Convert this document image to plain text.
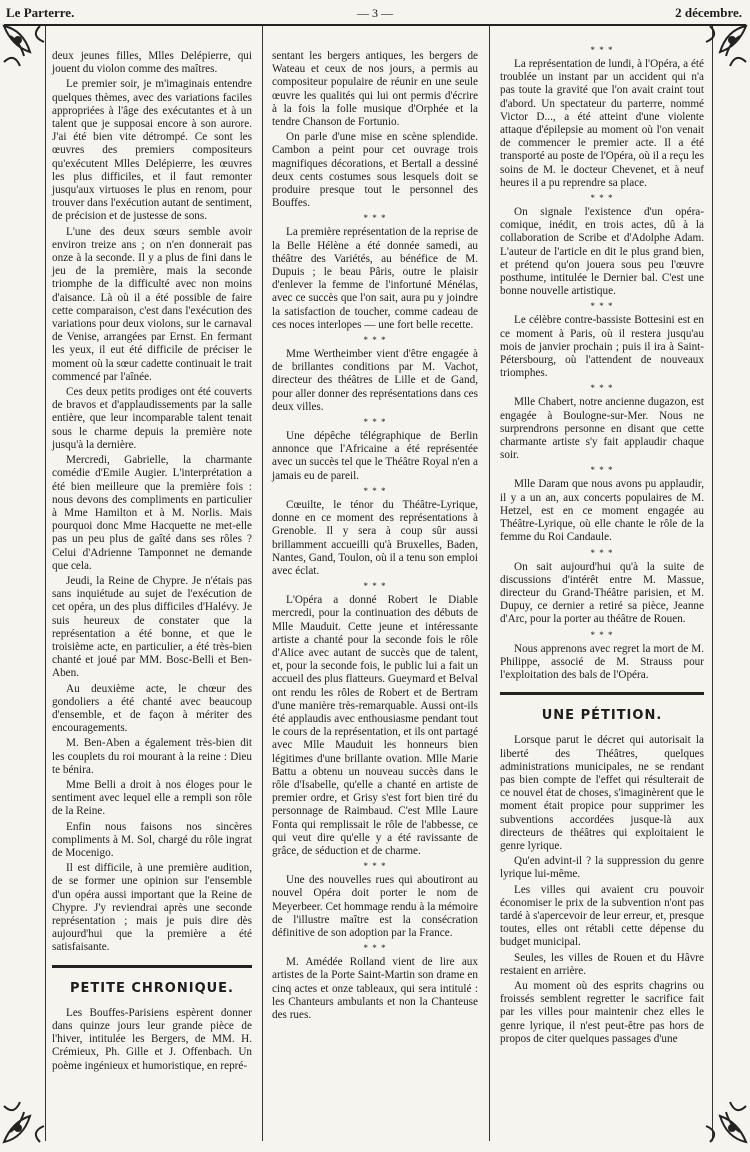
Le Parterre.	— 3 —	2 décembre.

deux jeunes filles, Mlles Delépierre, qui jouent du violon comme des maîtres.

Le premier soir, je m'imaginais entendre quelques thèmes, avec des variations faciles appropriées à l'âge des exécutantes et à un talent que je supposai encore à son aurore. J'ai été bien vite détrompé. Ce sont les œuvres des premiers compositeurs qu'exécutent Mlles Delépierre, les œuvres les plus difficiles, et il faut remonter jusqu'aux virtuoses le plus en renom, pour trouver dans l'exécution autant de sentiment, de précision et de justesse de sons.

L'une des deux sœurs semble avoir environ treize ans ; on n'en donnerait pas onze à la seconde. Il y a plus de fini dans le jeu de la première, mais la seconde triomphe de la difficulté avec non moins d'aisance. Là où il a été possible de faire cette comparaison, c'est dans l'exécution des variations pour deux violons, sur le carnaval de Venise, arrangées par Ernst. En fermant les yeux, il eut été difficile de préciser le moment où la sœur cadette continuait le trait commencé par l'aînée.

Ces deux petits prodiges ont été couverts de bravos et d'applaudissements par la salle entière, que leur incomparable talent tenait sous le charme depuis la première note jusqu'à la dernière.

Mercredi, Gabrielle, la charmante comédie d'Emile Augier. L'interprétation a été bien meilleure que la première fois : nous devons des compliments en particulier à Mme Hamilton et à M. Norlis. Mais pourquoi donc Mme Hacquette ne met-elle pas un peu plus de gaîté dans ses rôles ? Celui d'Adrienne Tamponnet ne demande que cela.

Jeudi, la Reine de Chypre. Je n'étais pas sans inquiétude au sujet de l'exécution de cet opéra, un des plus difficiles d'Halévy. Je suis heureux de constater que la représentation a été bonne, et que le troisième acte, en particulier, a été très-bien chanté et joué par MM. Bosc-Belli et Ben-Aben.

Au deuxième acte, le chœur des gondoliers a été chanté avec beaucoup d'ensemble, et de façon à mériter des encouragements.

M. Ben-Aben a également très-bien dit les couplets du roi mourant à la reine : Dieu te bénira.

Mme Belli a droit à nos éloges pour le sentiment avec lequel elle a rempli son rôle de la Reine.

Enfin nous faisons nos sincères compliments à M. Sol, chargé du rôle ingrat de Mocenigo.

Il est difficile, à une première audition, de se former une opinion sur l'ensemble d'un opéra aussi important que la Reine de Chypre. J'y reviendrai après une seconde représentation ; mais je puis dire dès aujourd'hui que la première a été satisfaisante.

PETITE CHRONIQUE.

Les Bouffes-Parisiens espèrent donner dans quinze jours leur grande pièce de l'hiver, intitulée les Bergers, de MM. H. Crémieux, Ph. Gille et J. Offenbach. Un poème ingénieux et humoristique, en repré-

sentant les bergers antiques, les bergers de Wateau et ceux de nos jours, a permis au compositeur populaire de réunir en une seule œuvre les qualités qui lui ont permis d'écrire à la fois la folle musique d'Orphée et la tendre Chanson de Fortunio.

On parle d'une mise en scène splendide. Cambon a peint pour cet ouvrage trois magnifiques décorations, et Bertall a dessiné deux cents costumes sous lesquels doit se produire presque tout le personnel des Bouffes.

* * *

La première représentation de la reprise de la Belle Hélène a été donnée samedi, au théâtre des Variétés, au bénéfice de M. Dupuis ; le beau Pâris, outre le plaisir d'enlever la femme de l'infortuné Ménélas, avec ce succès que l'on sait, aura pu y joindre la satisfaction de toucher, comme cadeau de ces noces interlopes — une fort belle recette.

* * *

Mme Wertheimber vient d'être engagée à de brillantes conditions par M. Vachot, directeur des théâtres de Lille et de Gand, pour aller donner des représentations dans ces deux villes.

* * *

Une dépêche télégraphique de Berlin annonce que l'Africaine a été représentée avec un succès tel que le Théâtre Royal n'en a jamais eu de pareil.

* * *

Cœuilte, le ténor du Théâtre-Lyrique, donne en ce moment des représentations à Grenoble. Il y sera à coup sûr aussi brillamment accueilli qu'à Bruxelles, Baden, Nantes, Gand, Toulon, où il a tenu son emploi avec éclat.

* * *

L'Opéra a donné Robert le Diable mercredi, pour la continuation des débuts de Mlle Mauduit. Cette jeune et intéressante artiste a chanté pour la seconde fois le rôle d'Alice avec autant de succès que de talent, et, pour la seconde fois, le public lui a fait un accueil des plus flatteurs. Gueymard et Belval ont rendu les rôles de Robert et de Bertram d'une manière très-remarquable. Aussi ont-ils été applaudis avec enthousiasme pendant tout le cours de la représentation, et ils ont partagé avec Mlle Mauduit les honneurs bien légitimes d'une brillante ovation. Mlle Marie Battu a obtenu un nouveau succès dans le rôle d'Isabelle, qu'elle a chanté en artiste de premier ordre, et Grisy s'est fort bien tiré du personnage de Raimbaud. C'est Mlle Laure Fonta qui remplissait le rôle de l'abbesse, ce qui veut dire qu'elle y a été ravissante de grâce, de séduction et de charme.

* * *

Une des nouvelles rues qui aboutiront au nouvel Opéra doit porter le nom de Meyerbeer. Cet hommage rendu à la mémoire de l'illustre maître est la consécration définitive de son adoption par la France.

* * *

M. Amédée Rolland vient de lire aux artistes de la Porte Saint-Martin son drame en cinq actes et onze tableaux, qui sera intitulé : les Chanteurs ambulants et non la Chanteuse des rues.

* * *

La représentation de lundi, à l'Opéra, a été troublée un instant par un accident qui n'a pas toute la gravité que l'on avait craint tout d'abord. Un spectateur du parterre, nommé Victor D..., a été atteint d'une violente attaque d'épilepsie au moment où l'on venait de commencer le premier acte. Il a été transporté au poste de l'Opéra, où il a reçu les soins de M. le docteur Chevenet, et à neuf heures il a pu reprendre sa place.

* * *

On signale l'existence d'un opéra-comique, inédit, en trois actes, dû à la collaboration de Scribe et d'Adolphe Adam. L'auteur de l'article en dit le plus grand bien, et prétend qu'on jouera sous peu l'œuvre posthume, intitulée le Dernier bal. C'est une bonne nouvelle artistique.

* * *

Le célèbre contre-bassiste Bottesini est en ce moment à Paris, où il restera jusqu'au mois de janvier prochain ; puis il ira à Saint-Pétersbourg, où l'attendent de nouveaux triomphes.

* * *

Mlle Chabert, notre ancienne dugazon, est engagée à Boulogne-sur-Mer. Nous ne surprendrons personne en disant que cette charmante artiste s'y fait applaudir chaque soir.

* * *

Mlle Daram que nous avons pu applaudir, il y a un an, aux concerts populaires de M. Hetzel, est en ce moment engagée au Théâtre-Lyrique, où elle chante le rôle de la femme du Roi Candaule.

* * *

On sait aujourd'hui qu'à la suite de discussions d'intérêt entre M. Massue, directeur du Grand-Théâtre parisien, et M. Dupuy, ce dernier a retiré sa pièce, Jeanne d'Arc, pour la porter au théâtre de Rouen.

* * *

Nous apprenons avec regret la mort de M. Philippe, associé de M. Strauss pour l'exploitation des bals de l'Opéra.

UNE PÉTITION.

Lorsque parut le décret qui autorisait la liberté des Théâtres, quelques administrations municipales, ne se rendant pas bien compte de l'effet qui résulterait de ce nouvel état de choses, s'imaginèrent que le moment était propice pour supprimer les subventions accordées jusque-là aux directeurs de théâtres qui exploitaient le genre lyrique.

Qu'en advint-il ? la suppression du genre lyrique lui-même.

Les villes qui avaient cru pouvoir économiser le prix de la subvention n'ont pas tardé à s'apercevoir de leur erreur, et, presque toutes, elles ont rétabli cette dépense du budget municipal.

Seules, les villes de Rouen et du Hâvre restaient en arrière.

Au moment où des esprits chagrins ou froissés semblent regretter le sacrifice fait par les villes pour maintenir chez elles le genre lyrique, il n'est peut-être pas hors de propos de citer quelques passages d'une
